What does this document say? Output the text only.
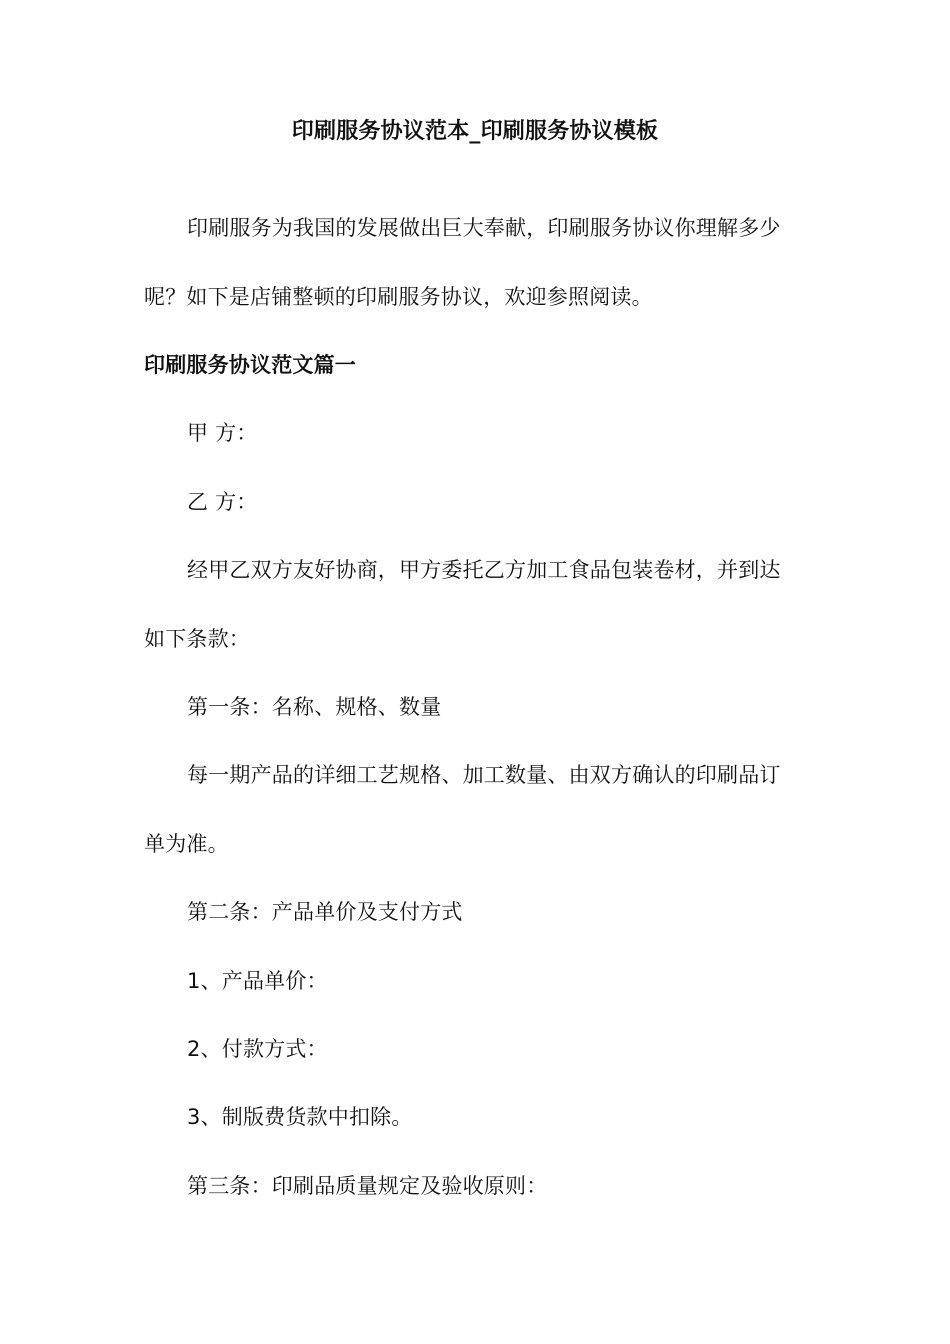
印刷服务协议范本_印刷服务协议模板
印刷服务为我国的发展做出巨大奉献，印刷服务协议你理解多少
呢？如下是店铺整顿的印刷服务协议，欢迎参照阅读。
印刷服务协议范文篇一
甲 方：
乙 方：
经甲乙双方友好协商，甲方委托乙方加工食品包装卷材，并到达
如下条款：
第一条：名称、规格、数量
每一期产品的详细工艺规格、加工数量、由双方确认的印刷品订
单为准。
第二条：产品单价及支付方式
1、产品单价：
2、付款方式：
3、制版费货款中扣除。
第三条：印刷品质量规定及验收原则：
